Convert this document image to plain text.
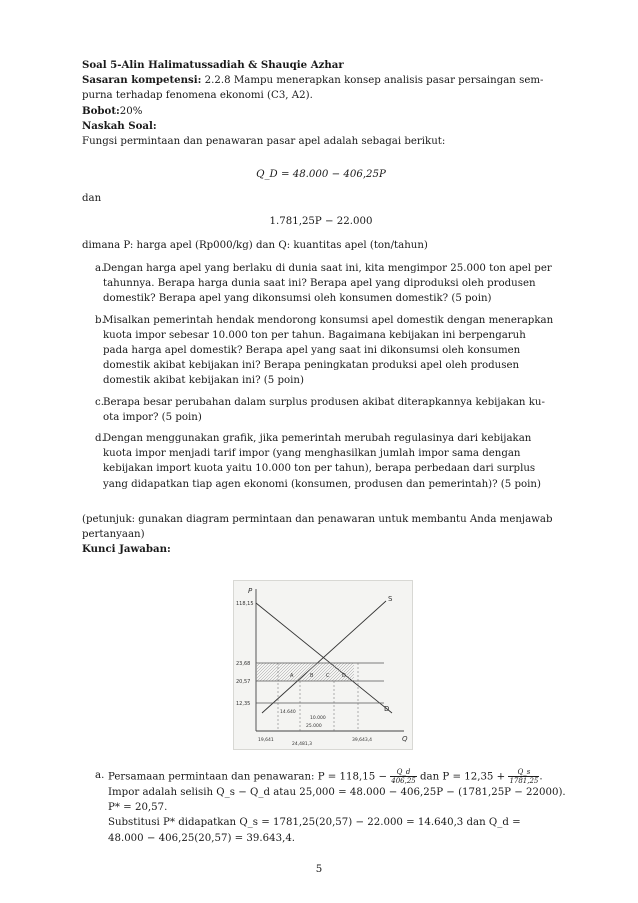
Soal 5-Alin Halimatussadiah & Shauqie Azhar
Sasaran kompetensi: 2.2.8 Mampu menerapkan konsep analisis pasar persaingan sem-
purna terhadap fenomena ekonomi (C3, A2).
Bobot:20%
Naskah Soal:
Fungsi permintaan dan penawaran pasar apel adalah sebagai berikut:
Q_D = 48.000 − 406,25P
dan
1.781,25P − 22.000
dimana P: harga apel (Rp000/kg) dan Q: kuantitas apel (ton/tahun)
a.
Dengan harga apel yang berlaku di dunia saat ini, kita mengimpor 25.000 ton apel per
tahunnya. Berapa harga dunia saat ini? Berapa apel yang diproduksi oleh produsen
domestik? Berapa apel yang dikonsumsi oleh konsumen domestik? (5 poin)
b.
Misalkan pemerintah hendak mendorong konsumsi apel domestik dengan menerapkan
kuota impor sebesar 10.000 ton per tahun. Bagaimana kebijakan ini berpengaruh
pada harga apel domestik? Berapa apel yang saat ini dikonsumsi oleh konsumen
domestik akibat kebijakan ini? Berapa peningkatan produksi apel oleh produsen
domestik akibat kebijakan ini? (5 poin)
c. Berapa besar perubahan dalam surplus produsen akibat diterapkannya kebijakan ku-
ota impor? (5 poin)
d.
Dengan menggunakan grafik, jika pemerintah merubah regulasinya dari kebijakan
kuota impor menjadi tarif impor (yang menghasilkan jumlah impor sama dengan
kebijakan import kuota yaitu 10.000 ton per tahun), berapa perbedaan dari surplus
yang didapatkan tiap agen ekonomi (konsumen, produsen dan pemerintah)? (5 poin)
(petunjuk: gunakan diagram permintaan dan penawaran untuk membantu Anda menjawab
pertanyaan)
Kunci Jawaban:
P
Q
S
D
118,15
23,68
20,57
12,35
A	B	C	D
14.640
10.000
25.000
19,641
24,481,3
39,643,4
a. Persamaan permintaan dan penawaran: $P = 118,15 - \frac{Q\_d}{406,25}$ dan $P = 12,35 + \frac{Q\_s}{1781,25}$ .
Impor adalah selisih Q_s − Q_d atau 25,000 = 48.000 − 406,25P − (1781,25P − 22000).
P* = 20,57.
Substitusi P* didapatkan Q_s = 1781,25(20,57) − 22.000 = 14.640,3 dan Q_d =
48.000 − 406,25(20,57) = 39.643,4.
5
